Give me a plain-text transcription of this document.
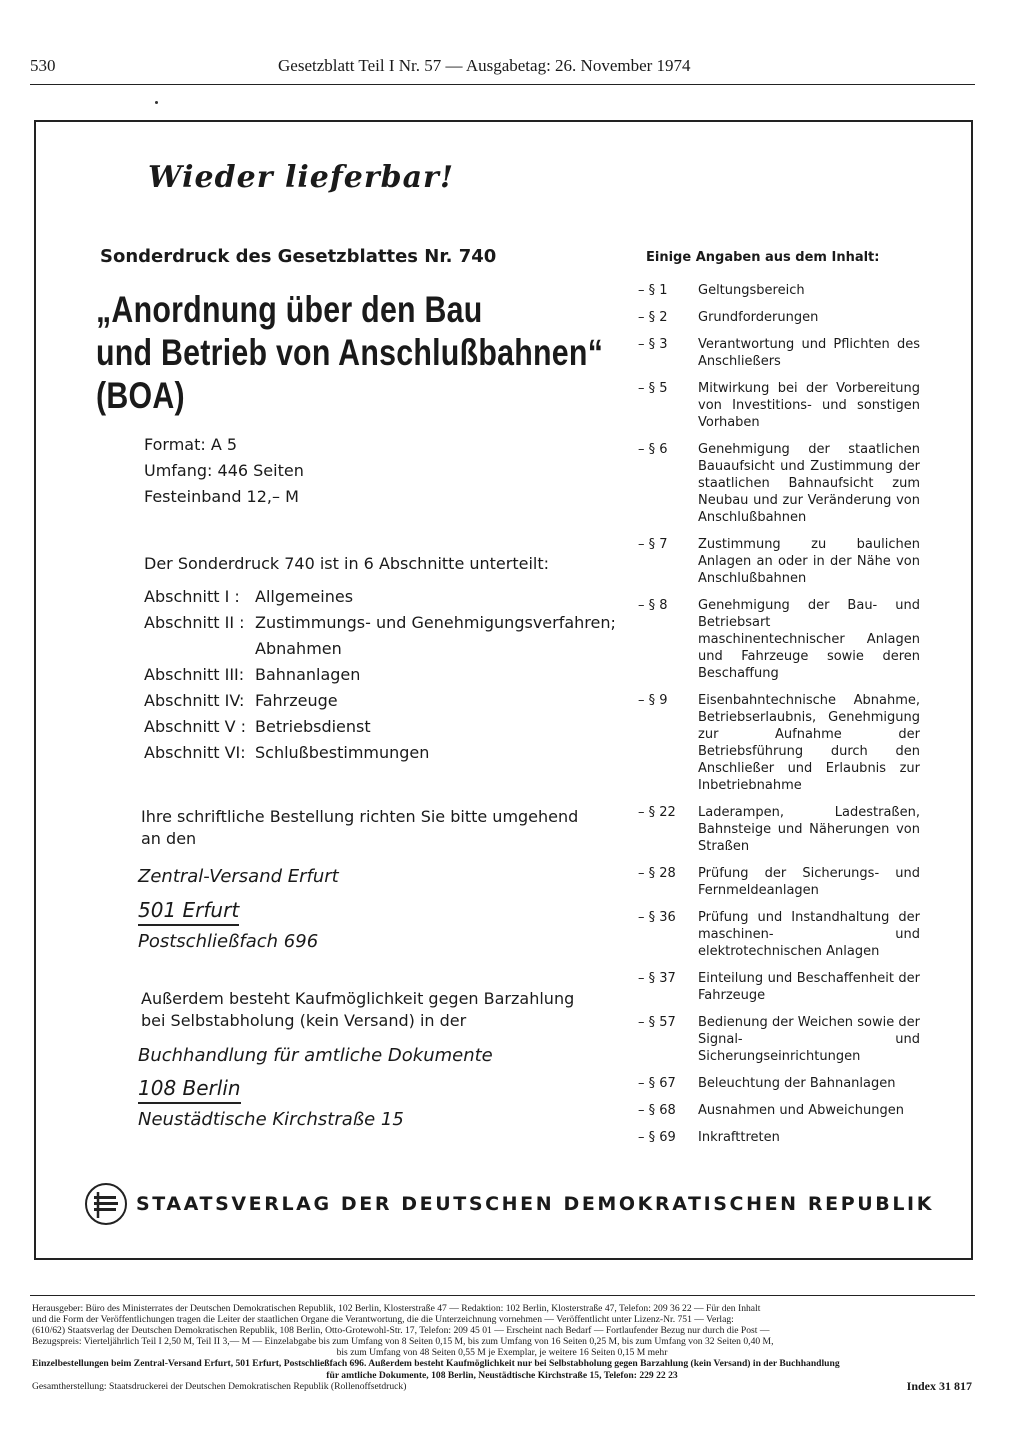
530	Gesetzblatt Teil I Nr. 57 — Ausgabetag: 26. November 1974
Wieder lieferbar!
Sonderdruck des Gesetzblattes Nr. 740
„Anordnung über den Bau
und Betrieb von Anschlußbahnen“
(BOA)
Format: A 5
Umfang: 446 Seiten
Festeinband 12,– M
Der Sonderdruck 740 ist in 6 Abschnitte unterteilt:
Abschnitt I : Allgemeines
Abschnitt II : Zustimmungs- und Genehmigungsverfahren; Abnahmen
Abschnitt III: Bahnanlagen
Abschnitt IV: Fahrzeuge
Abschnitt V : Betriebsdienst
Abschnitt VI: Schlußbestimmungen
Ihre schriftliche Bestellung richten Sie bitte umgehend an den
Zentral-Versand Erfurt
501 Erfurt
Postschließfach 696
Außerdem besteht Kaufmöglichkeit gegen Barzahlung bei Selbstabholung (kein Versand) in der
Buchhandlung für amtliche Dokumente
108 Berlin
Neustädtische Kirchstraße 15
Einige Angaben aus dem Inhalt:
– § 1	Geltungsbereich
– § 2	Grundforderungen
– § 3	Verantwortung und Pflichten des Anschließers
– § 5	Mitwirkung bei der Vorbereitung von Investitions- und sonstigen Vorhaben
– § 6	Genehmigung der staatlichen Bauaufsicht und Zustimmung der staatlichen Bahnaufsicht zum Neubau und zur Veränderung von Anschlußbahnen
– § 7	Zustimmung zu baulichen Anlagen an oder in der Nähe von Anschlußbahnen
– § 8	Genehmigung der Bau- und Betriebsart maschinentechnischer Anlagen und Fahrzeuge sowie deren Beschaffung
– § 9	Eisenbahntechnische Abnahme, Betriebserlaubnis, Genehmigung zur Aufnahme der Betriebsführung durch den Anschließer und Erlaubnis zur Inbetriebnahme
– § 22	Laderampen, Ladestraßen, Bahnsteige und Näherungen von Straßen
– § 28	Prüfung der Sicherungs- und Fernmeldeanlagen
– § 36	Prüfung und Instandhaltung der maschinen- und elektrotechnischen Anlagen
– § 37	Einteilung und Beschaffenheit der Fahrzeuge
– § 57	Bedienung der Weichen sowie der Signal- und Sicherungseinrichtungen
– § 67	Beleuchtung der Bahnanlagen
– § 68	Ausnahmen und Abweichungen
– § 69	Inkrafttreten
STAATSVERLAG DER DEUTSCHEN DEMOKRATISCHEN REPUBLIK
Herausgeber: Büro des Ministerrates der Deutschen Demokratischen Republik, 102 Berlin, Klosterstraße 47 — Redaktion: 102 Berlin, Klosterstraße 47, Telefon: 209 36 22 — Für den Inhalt
und die Form der Veröffentlichungen tragen die Leiter der staatlichen Organe die Verantwortung, die die Unterzeichnung vornehmen — Veröffentlicht unter Lizenz-Nr. 751 — Verlag:
(610/62) Staatsverlag der Deutschen Demokratischen Republik, 108 Berlin, Otto-Grotewohl-Str. 17, Telefon: 209 45 01 — Erscheint nach Bedarf — Fortlaufender Bezug nur durch die Post —
Bezugspreis: Vierteljährlich Teil I 2,50 M, Teil II 3,— M — Einzelabgabe bis zum Umfang von 8 Seiten 0,15 M, bis zum Umfang von 16 Seiten 0,25 M, bis zum Umfang von 32 Seiten 0,40 M,
bis zum Umfang von 48 Seiten 0,55 M je Exemplar, je weitere 16 Seiten 0,15 M mehr
Einzelbestellungen beim Zentral-Versand Erfurt, 501 Erfurt, Postschließfach 696. Außerdem besteht Kaufmöglichkeit nur bei Selbstabholung gegen Barzahlung (kein Versand) in der Buchhandlung
für amtliche Dokumente, 108 Berlin, Neustädtische Kirchstraße 15, Telefon: 229 22 23
Gesamtherstellung: Staatsdruckerei der Deutschen Demokratischen Republik (Rollenoffsetdruck)	Index 31 817
